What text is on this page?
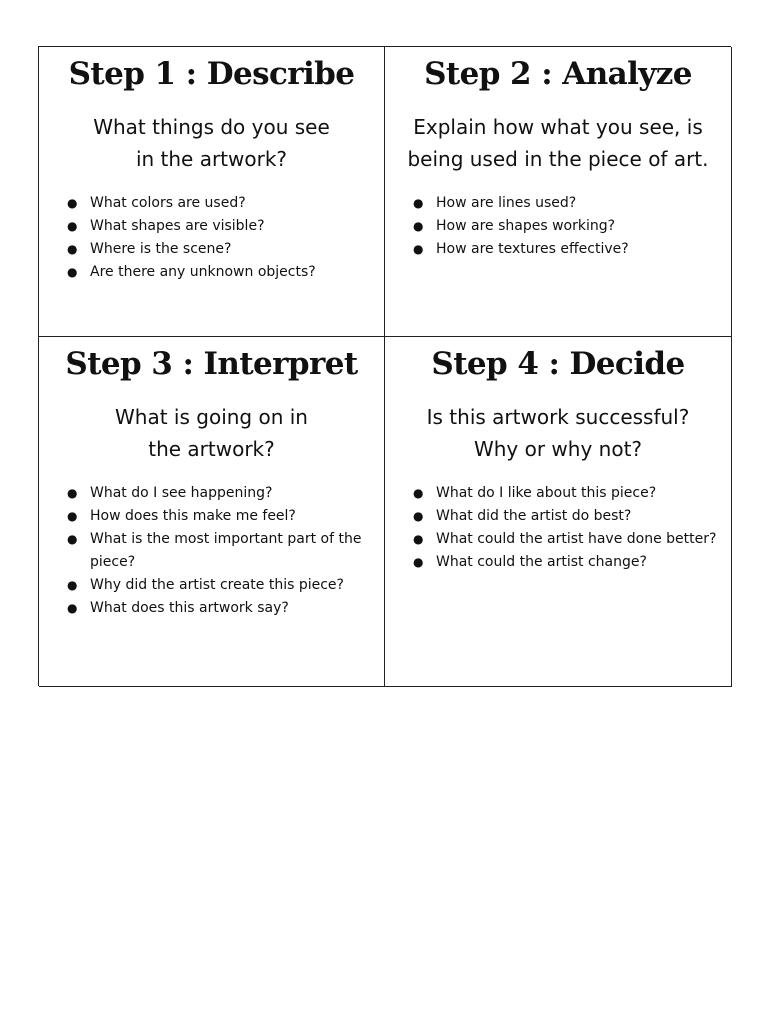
Step 1 : Describe
What things do you see
in the artwork?
● What colors are used?
● What shapes are visible?
● Where is the scene?
● Are there any unknown objects?
Step 2 : Analyze
Explain how what you see, is
being used in the piece of art.
● How are lines used?
● How are shapes working?
● How are textures effective?
Step 3 : Interpret
What is going on in
the artwork?
● What do I see happening?
● How does this make me feel?
● What is the most important part of the piece?
● Why did the artist create this piece?
● What does this artwork say?
Step 4 : Decide
Is this artwork successful?
Why or why not?
● What do I like about this piece?
● What did the artist do best?
● What could the artist have done better?
● What could the artist change?
